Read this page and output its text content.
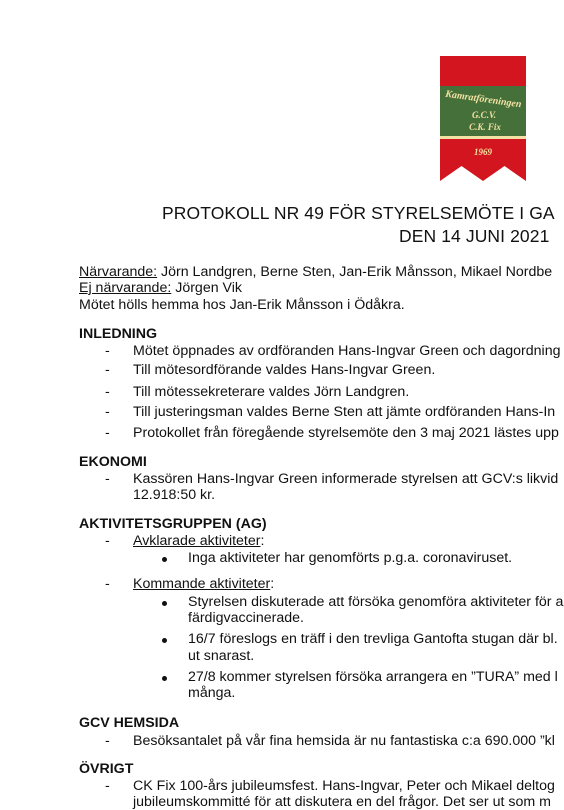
Kamratföreningen
G.C.V.
C.K. Fix
1969
PROTOKOLL NR 49 FÖR STYRELSEMÖTE I GA
DEN 14 JUNI 2021
Närvarande: Jörn Landgren, Berne Sten, Jan-Erik Månsson, Mikael Nordbe
Ej närvarande: Jörgen Vik
Mötet hölls hemma hos Jan-Erik Månsson i Ödåkra.
INLEDNING
- Mötet öppnades av ordföranden Hans-Ingvar Green och dagordning
- Till mötesordförande valdes Hans-Ingvar Green.
- Till mötessekreterare valdes Jörn Landgren.
- Till justeringsman valdes Berne Sten att jämte ordföranden Hans-In
- Protokollet från föregående styrelsemöte den 3 maj 2021 lästes upp
EKONOMI
- Kassören Hans-Ingvar Green informerade styrelsen att GCV:s likvid
12.918:50 kr.
AKTIVITETSGRUPPEN (AG)
- Avklarade aktiviteter:
Inga aktiviteter har genomförts p.g.a. coronaviruset.
- Kommande aktiviteter:
Styrelsen diskuterade att försöka genomföra aktiviteter för a
färdigvaccinerade.
16/7 föreslogs en träff i den trevliga Gantofta stugan där bl.
ut snarast.
27/8 kommer styrelsen försöka arrangera en ”TURA” med l
många.
GCV HEMSIDA
- Besöksantalet på vår fina hemsida är nu fantastiska c:a 690.000 ”kl
ÖVRIGT
- CK Fix 100-års jubileumsfest. Hans-Ingvar, Peter och Mikael deltog
jubileumskommitté för att diskutera en del frågor. Det ser ut som m
